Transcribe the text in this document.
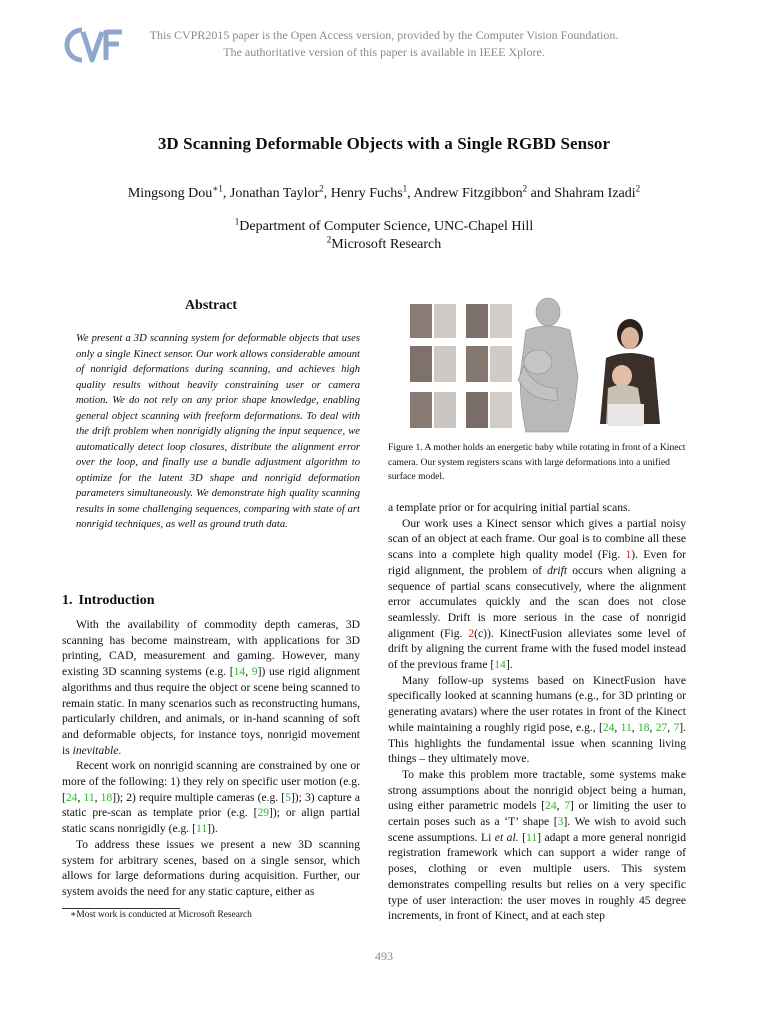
This CVPR2015 paper is the Open Access version, provided by the Computer Vision Foundation.
The authoritative version of this paper is available in IEEE Xplore.
3D Scanning Deformable Objects with a Single RGBD Sensor
Mingsong Dou$^{∗1}$, Jonathan Taylor$^2$, Henry Fuchs$^1$, Andrew Fitzgibbon$^2$ and Shahram Izadi$^2$
$^1$Department of Computer Science, UNC-Chapel Hill
$^2$Microsoft Research
Abstract
We present a 3D scanning system for deformable objects that uses only a single Kinect sensor. Our work allows considerable amount of nonrigid deformations during scanning, and achieves high quality results without heavily constraining user or camera motion. We do not rely on any prior shape knowledge, enabling general object scanning with freeform deformations. To deal with the drift problem when nonrigidly aligning the input sequence, we automatically detect loop closures, distribute the alignment error over the loop, and finally use a bundle adjustment algorithm to optimize for the latent 3D shape and nonrigid deformation parameters simultaneously. We demonstrate high quality scanning results in some challenging sequences, comparing with state of art nonrigid techniques, as well as ground truth data.
1. Introduction

With the availability of commodity depth cameras, 3D scanning has become mainstream, with applications for 3D printing, CAD, measurement and gaming. However, many existing 3D scanning systems (e.g. [14, 9]) use rigid alignment algorithms and thus require the object or scene being scanned to remain static. In many scenarios such as reconstructing humans, particularly children, and animals, or in-hand scanning of soft and deformable objects, for instance toys, nonrigid movement is inevitable.

Recent work on nonrigid scanning are constrained by one or more of the following: 1) they rely on specific user motion (e.g. [24, 11, 18]); 2) require multiple cameras (e.g. [5]); 3) capture a static pre-scan as template prior (e.g. [29]); or align partial static scans nonrigidly (e.g. [11]).

To address these issues we present a new 3D scanning system for arbitrary scenes, based on a single sensor, which allows for large deformations during acquisition. Further, our system avoids the need for any static capture, either as

∗Most work is conducted at Microsoft Research
Figure 1. A mother holds an energetic baby while rotating in front of a Kinect camera. Our system registers scans with large deformations into a unified surface model.

a template prior or for acquiring initial partial scans.

Our work uses a Kinect sensor which gives a partial noisy scan of an object at each frame. Our goal is to combine all these scans into a complete high quality model (Fig. 1). Even for rigid alignment, the problem of drift occurs when aligning a sequence of partial scans consecutively, where the alignment error accumulates quickly and the scan does not close seamlessly. Drift is more serious in the case of nonrigid alignment (Fig. 2(c)). KinectFusion alleviates some level of drift by aligning the current frame with the fused model instead of the previous frame [14].

Many follow-up systems based on KinectFusion have specifically looked at scanning humans (e.g., for 3D printing or generating avatars) where the user rotates in front of the Kinect while maintaining a roughly rigid pose, e.g., [24, 11, 18, 27, 7]. This highlights the fundamental issue when scanning living things – they ultimately move.

To make this problem more tractable, some systems make strong assumptions about the nonrigid object being a human, using either parametric models [24, 7] or limiting the user to certain poses such as a ‘T’ shape [3]. We wish to avoid such scene assumptions. Li et al. [11] adapt a more general nonrigid registration framework which can support a wider range of poses, clothing or even multiple users. This system demonstrates compelling results but relies on a very specific type of user interaction: the user moves in roughly 45 degree increments, in front of Kinect, and at each step

493
